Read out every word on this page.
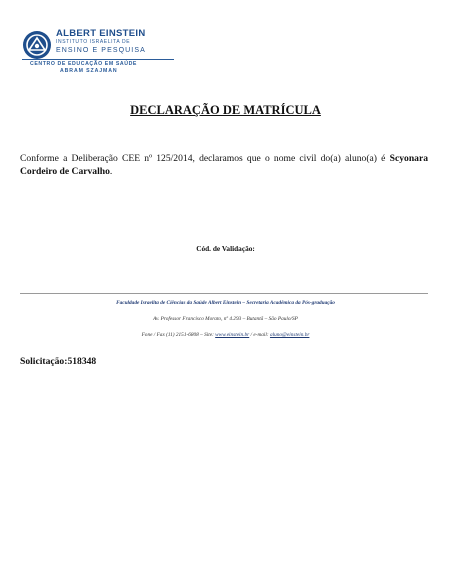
ALBERT EINSTEIN
INSTITUTO ISRAELITA DE
ENSINO E PESQUISA
CENTRO DE EDUCAÇÃO EM SAÚDE
ABRAM SZAJMAN
DECLARAÇÃO DE MATRÍCULA
Conforme a Deliberação CEE nº 125/2014, declaramos que o nome civil do(a) aluno(a) é Scyonara Cordeiro de Carvalho.
Cód. de Validação:
Faculdade Israelita de Ciências da Saúde Albert Einstein – Secretaria Acadêmica da Pós-graduação
Av. Professor Francisco Morato, nº 4.293 – Butantã – São Paulo/SP
Fone / Fax (11) 2151-6808 – Site: www.einstein.br / e-mail: aluno@einstein.br
Solicitação:518348
